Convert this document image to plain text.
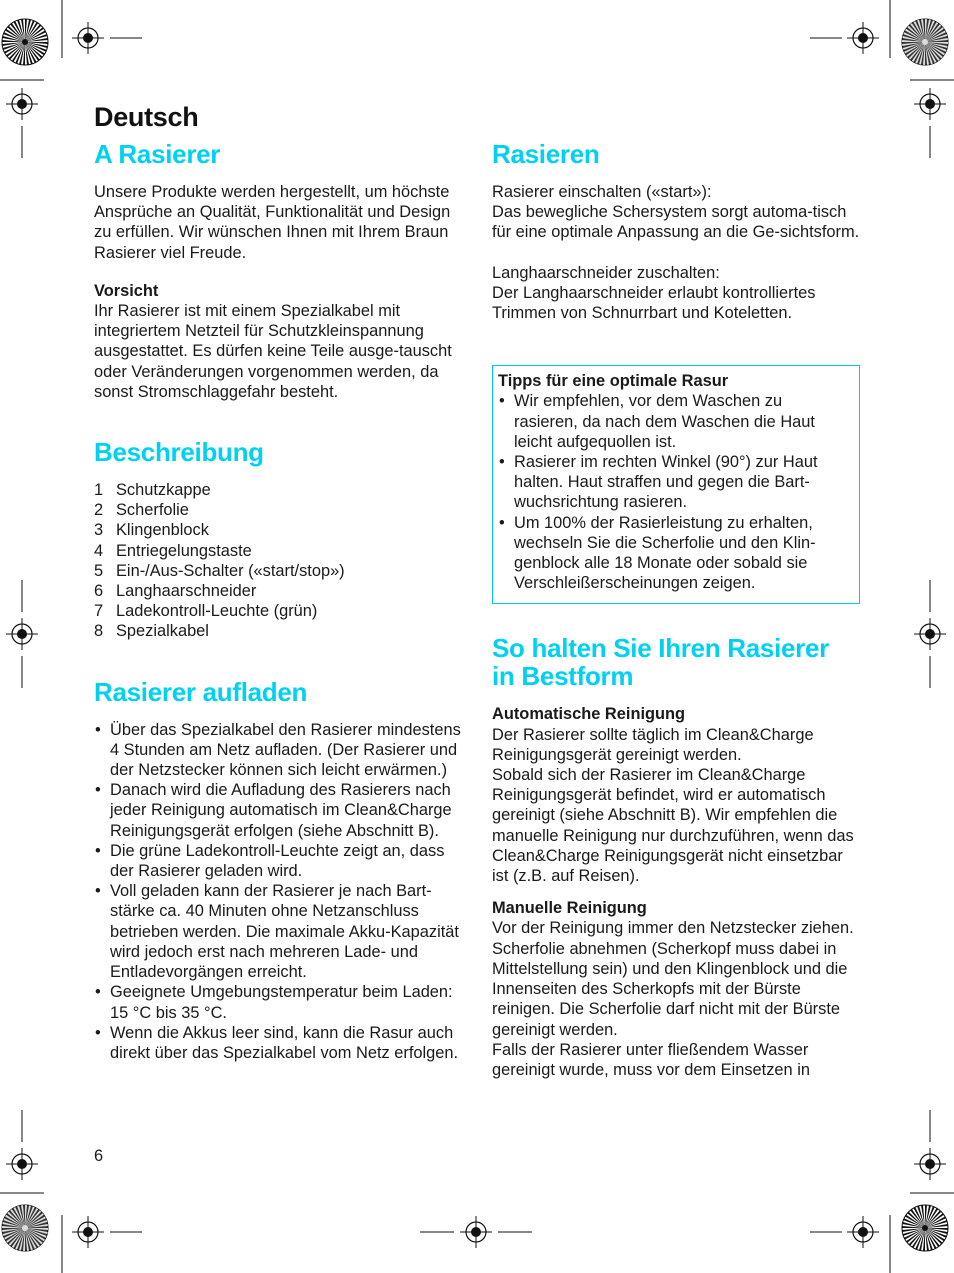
Deutsch
A Rasierer

Unsere Produkte werden hergestellt, um höchste Ansprüche an Qualität, Funktionalität und Design zu erfüllen. Wir wünschen Ihnen mit Ihrem Braun Rasierer viel Freude.

Vorsicht

Ihr Rasierer ist mit einem Spezialkabel mit integriertem Netzteil für Schutzkleinspannung ausgestattet. Es dürfen keine Teile ausge-tauscht oder Veränderungen vorgenommen werden, da sonst Stromschlaggefahr besteht.

Beschreibung
1 Schutzkappe
2 Scherfolie
3 Klingenblock
4 Entriegelungstaste
5 Ein-/Aus-Schalter («start/stop»)
6 Langhaarschneider
7 Ladekontroll-Leuchte (grün)
8 Spezialkabel
Rasierer aufladen
• Über das Spezialkabel den Rasierer mindestens 4 Stunden am Netz aufladen. (Der Rasierer und der Netzstecker können sich leicht erwärmen.)
• Danach wird die Aufladung des Rasierers nach jeder Reinigung automatisch im Clean&Charge Reinigungsgerät erfolgen (siehe Abschnitt B).
• Die grüne Ladekontroll-Leuchte zeigt an, dass der Rasierer geladen wird.
• Voll geladen kann der Rasierer je nach Bart-stärke ca. 40 Minuten ohne Netzanschluss betrieben werden. Die maximale Akku-Kapazität wird jedoch erst nach mehreren Lade- und Entladevorgängen erreicht.
• Geeignete Umgebungstemperatur beim Laden: 15 °C bis 35 °C.
• Wenn die Akkus leer sind, kann die Rasur auch direkt über das Spezialkabel vom Netz erfolgen.
Rasieren

Rasierer einschalten («start»):

Das bewegliche Schersystem sorgt automa-tisch für eine optimale Anpassung an die Ge-sichtsform.

Langhaarschneider zuschalten:

Der Langhaarschneider erlaubt kontrolliertes Trimmen von Schnurrbart und Koteletten.

Tipps für eine optimale Rasur

• Wir empfehlen, vor dem Waschen zu rasieren, da nach dem Waschen die Haut leicht aufgequollen ist.
• Rasierer im rechten Winkel (90°) zur Haut halten. Haut straffen und gegen die Bart-wuchsrichtung rasieren.
• Um 100% der Rasierleistung zu erhalten, wechseln Sie die Scherfolie und den Klin-genblock alle 18 Monate oder sobald sie Verschleißerscheinungen zeigen.
So halten Sie Ihren Rasierer
in Bestform

Automatische Reinigung

Der Rasierer sollte täglich im Clean&Charge Reinigungsgerät gereinigt werden.

Sobald sich der Rasierer im Clean&Charge Reinigungsgerät befindet, wird er automatisch gereinigt (siehe Abschnitt B). Wir empfehlen die manuelle Reinigung nur durchzuführen, wenn das Clean&Charge Reinigungsgerät nicht einsetzbar ist (z.B. auf Reisen).

Manuelle Reinigung

Vor der Reinigung immer den Netzstecker ziehen.

Scherfolie abnehmen (Scherkopf muss dabei in Mittelstellung sein) und den Klingenblock und die Innenseiten des Scherkopfs mit der Bürste reinigen. Die Scherfolie darf nicht mit der Bürste gereinigt werden.

Falls der Rasierer unter fließendem Wasser gereinigt wurde, muss vor dem Einsetzen in

6
